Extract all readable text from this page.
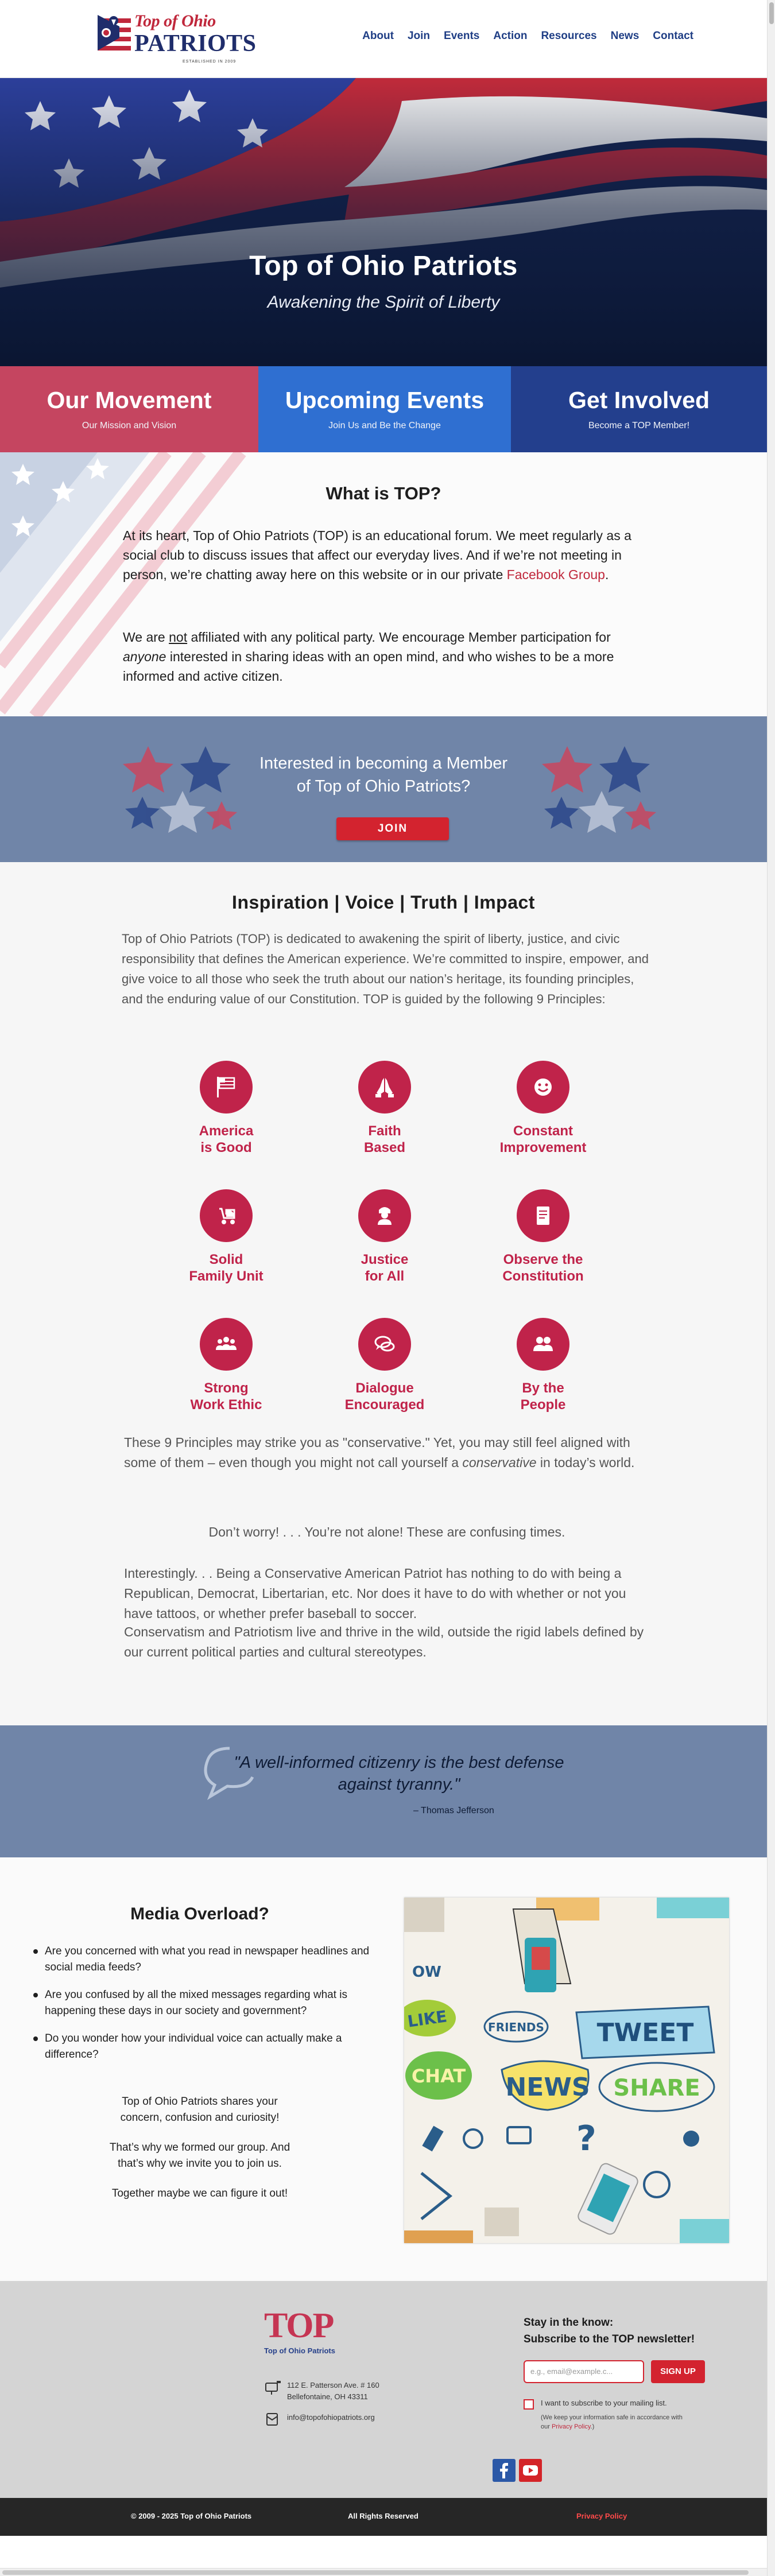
Top of Ohio
PATRIOTS
ESTABLISHED IN 2009
About Join Events Action Resources News Contact
Top of Ohio Patriots
Awakening the Spirit of Liberty
Our Movement
Our Mission and Vision
Upcoming Events
Join Us and Be the Change
Get Involved
Become a TOP Member!
What is TOP?

At its heart, Top of Ohio Patriots (TOP) is an educational forum. We meet regularly as a social club to discuss issues that affect our everyday lives. And if we’re not meeting in person, we’re chatting away here on this website or in our private Facebook Group.

We are not affiliated with any political party. We encourage Member participation for anyone interested in sharing ideas with an open mind, and who wishes to be a more informed and active citizen.

Interested in becoming a Member
of Top of Ohio Patriots?
JOIN
Inspiration | Voice | Truth | Impact

Top of Ohio Patriots (TOP) is dedicated to awakening the spirit of liberty, justice, and civic responsibility that defines the American experience. We’re committed to inspire, empower, and give voice to all those who seek the truth about our nation’s heritage, its founding principles, and the enduring value of our Constitution. TOP is guided by the following 9 Principles:

America
is Good
Faith
Based
Constant
Improvement
Solid
Family Unit
Justice
for All
Observe the
Constitution
Strong
Work Ethic
Dialogue
Encouraged
By the
People

These 9 Principles may strike you as "conservative." Yet, you may still feel aligned with some of them – even though you might not call yourself a conservative in today’s world.

Don’t worry! . . . You’re not alone! These are confusing times.

Interestingly. . . Being a Conservative American Patriot has nothing to do with being a Republican, Democrat, Libertarian, etc. Nor does it have to do with whether or not you have tattoos, or whether prefer baseball to soccer.

Conservatism and Patriotism live and thrive in the wild, outside the rigid labels defined by our current political parties and cultural stereotypes.

"A well-informed citizenry is the best defense against tyranny."
– Thomas Jefferson
Media Overload?
Are you concerned with what you read in newspaper headlines and social media feeds?
Are you confused by all the mixed messages regarding what is happening these days in our society and government?
Do you wonder how your individual voice can actually make a difference?

Top of Ohio Patriots shares your concern, confusion and curiosity!

That’s why we formed our group. And that’s why we invite you to join us.

Together maybe we can figure it out!

LIKE
OW
FRIENDS TWEET
CHAT NEWS SHARE
?
TOP
Top of Ohio Patriots
112 E. Patterson Ave. # 160
Bellefontaine, OH 43311
info@topofohiopatriots.org
Stay in the know:
Subscribe to the TOP newsletter!
e.g., email@example.c...	SIGN UP
I want to subscribe to your mailing list.
(We keep your information safe in accordance with our Privacy Policy.)
© 2009 - 2025 Top of Ohio Patriots	All Rights Reserved	Privacy Policy
